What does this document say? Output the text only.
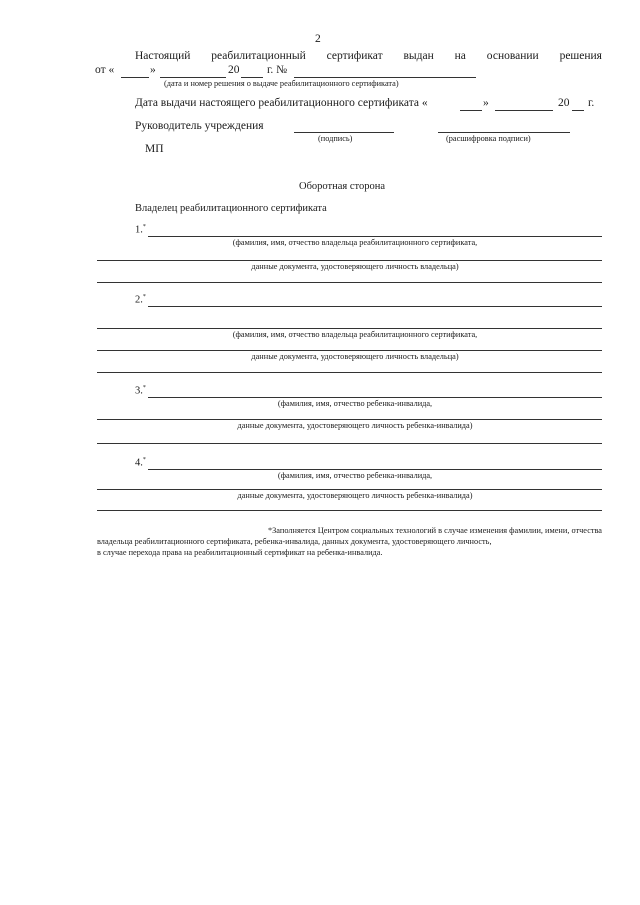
2
Настоящий реабилитационный сертификат выдан на основании решения
от «	»	20 г. №
(дата и номер решения о выдаче реабилитационного сертификата)
Дата выдачи настоящего реабилитационного сертификата «	»	20 г.
Руководитель учреждения
(подпись)	(расшифровка подписи)
МП
Оборотная сторона
Владелец реабилитационного сертификата
1.*
(фамилия, имя, отчество владельца реабилитационного сертификата,
данные документа, удостоверяющего личность владельца)
2.*
(фамилия, имя, отчество владельца реабилитационного сертификата,
данные документа, удостоверяющего личность владельца)
3.*
(фамилия, имя, отчество ребенка-инвалида,
данные документа, удостоверяющего личность ребенка-инвалида)
4.*
(фамилия, имя, отчество ребенка-инвалида,
данные документа, удостоверяющего личность ребенка-инвалида)
*Заполняется Центром социальных технологий в случае изменения фамилии, имени, отчества
владельца реабилитационного сертификата, ребенка-инвалида, данных документа, удостоверяющего личность,
в случае перехода права на реабилитационный сертификат на ребенка-инвалида.
